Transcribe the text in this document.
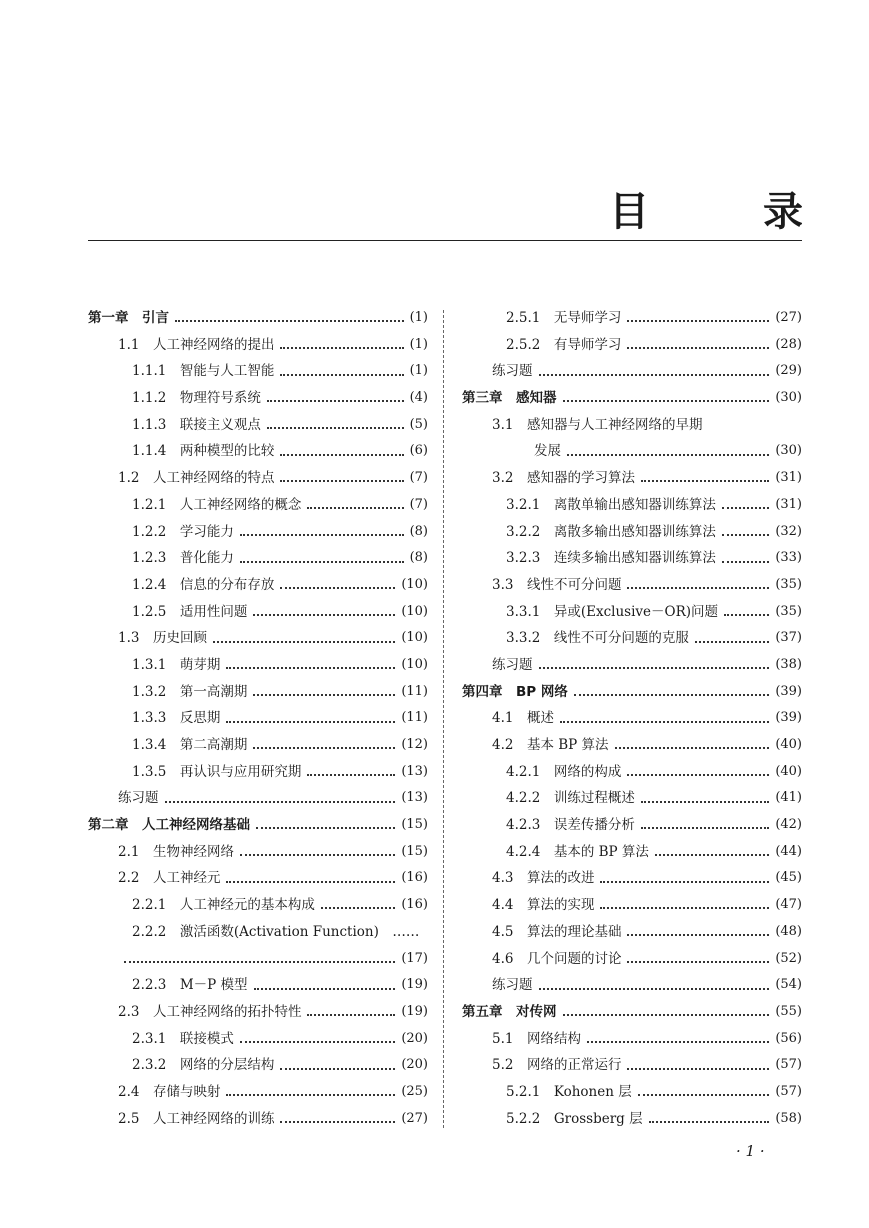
目 录
第一章　引言	(1)
1.1　人工神经网络的提出	(1)
1.1.1　智能与人工智能	(1)
1.1.2　物理符号系统	(4)
1.1.3　联接主义观点	(5)
1.1.4　两种模型的比较	(6)
1.2　人工神经网络的特点	(7)
1.2.1　人工神经网络的概念	(7)
1.2.2　学习能力	(8)
1.2.3　普化能力	(8)
1.2.4　信息的分布存放	(10)
1.2.5　适用性问题	(10)
1.3　历史回顾	(10)
1.3.1　萌芽期	(10)
1.3.2　第一高潮期	(11)
1.3.3　反思期	(11)
1.3.4　第二高潮期	(12)
1.3.5　再认识与应用研究期	(13)
练习题	(13)
第二章　人工神经网络基础	(15)
2.1　生物神经网络	(15)
2.2　人工神经元	(16)
2.2.1　人工神经元的基本构成	(16)
2.2.2　激活函数(Activation Function)　……
(17)
2.2.3　M－P 模型	(19)
2.3　人工神经网络的拓扑特性	(19)
2.3.1　联接模式	(20)
2.3.2　网络的分层结构	(20)
2.4　存储与映射	(25)
2.5　人工神经网络的训练	(27)
2.5.1　无导师学习	(27)
2.5.2　有导师学习	(28)
练习题	(29)
第三章　感知器	(30)
3.1　感知器与人工神经网络的早期
发展	(30)
3.2　感知器的学习算法	(31)
3.2.1　离散单输出感知器训练算法	(31)
3.2.2　离散多输出感知器训练算法	(32)
3.2.3　连续多输出感知器训练算法	(33)
3.3　线性不可分问题	(35)
3.3.1　异或(Exclusive－OR)问题	(35)
3.3.2　线性不可分问题的克服	(37)
练习题	(38)
第四章　BP 网络	(39)
4.1　概述	(39)
4.2　基本 BP 算法	(40)
4.2.1　网络的构成	(40)
4.2.2　训练过程概述	(41)
4.2.3　误差传播分析	(42)
4.2.4　基本的 BP 算法	(44)
4.3　算法的改进	(45)
4.4　算法的实现	(47)
4.5　算法的理论基础	(48)
4.6　几个问题的讨论	(52)
练习题	(54)
第五章　对传网	(55)
5.1　网络结构	(56)
5.2　网络的正常运行	(57)
5.2.1　Kohonen 层	(57)
5.2.2　Grossberg 层	(58)
· 1 ·
